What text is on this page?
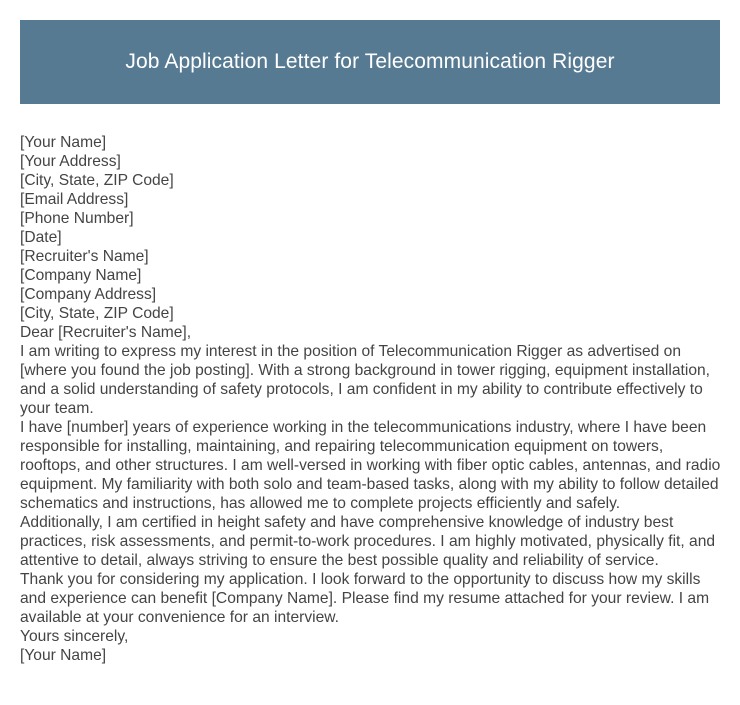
Job Application Letter for Telecommunication Rigger
[Your Name]
[Your Address]
[City, State, ZIP Code]
[Email Address]
[Phone Number]
[Date]
[Recruiter's Name]
[Company Name]
[Company Address]
[City, State, ZIP Code]
Dear [Recruiter's Name],

I am writing to express my interest in the position of Telecommunication Rigger as advertised on [where you found the job posting]. With a strong background in tower rigging, equipment installation, and a solid understanding of safety protocols, I am confident in my ability to contribute effectively to your team.

I have [number] years of experience working in the telecommunications industry, where I have been responsible for installing, maintaining, and repairing telecommunication equipment on towers, rooftops, and other structures. I am well-versed in working with fiber optic cables, antennas, and radio equipment. My familiarity with both solo and team-based tasks, along with my ability to follow detailed schematics and instructions, has allowed me to complete projects efficiently and safely.

Additionally, I am certified in height safety and have comprehensive knowledge of industry best practices, risk assessments, and permit-to-work procedures. I am highly motivated, physically fit, and attentive to detail, always striving to ensure the best possible quality and reliability of service.

Thank you for considering my application. I look forward to the opportunity to discuss how my skills and experience can benefit [Company Name]. Please find my resume attached for your review. I am available at your convenience for an interview.

Yours sincerely,
[Your Name]
